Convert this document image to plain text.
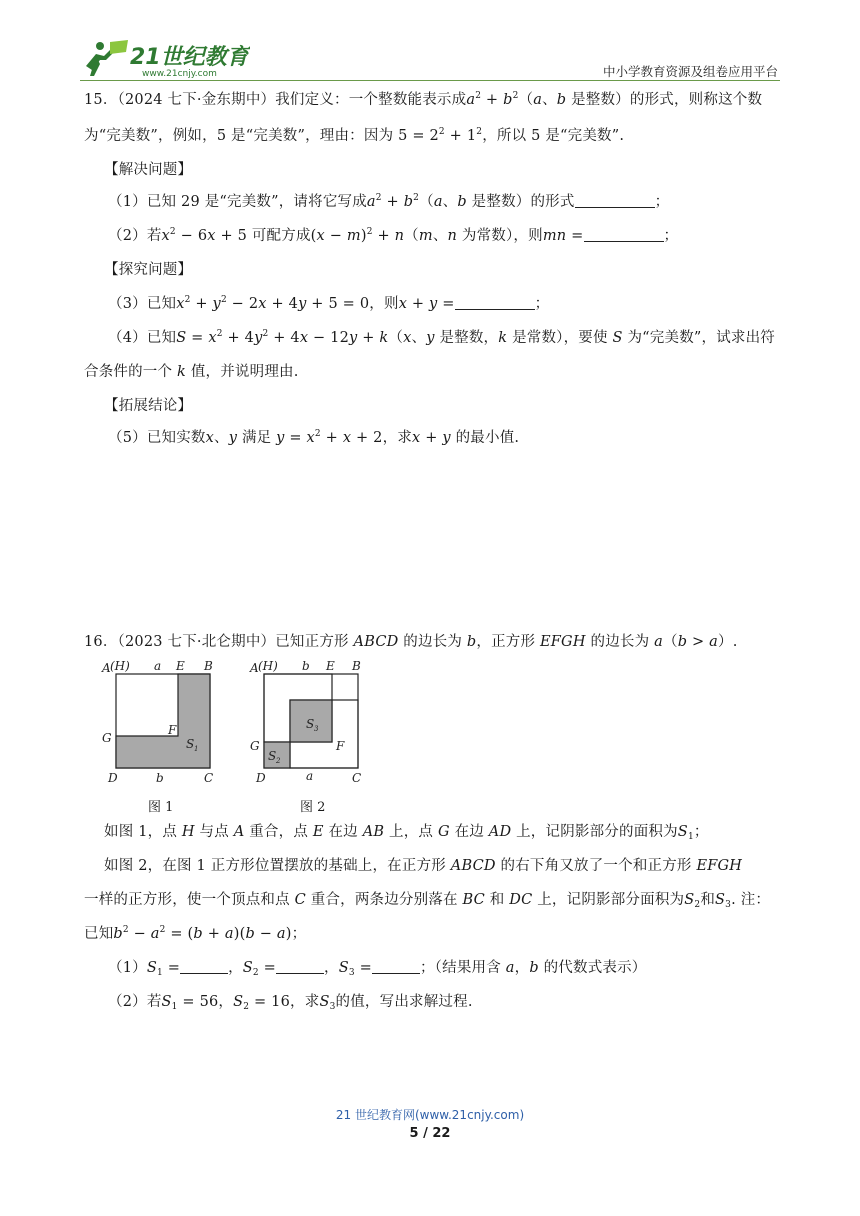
21世纪教育
www.21cnjy.com	中小学教育资源及组卷应用平台
15．（2024 七下·金东期中）我们定义：一个整数能表示成$a^2 + b^2(a$、b 是整数）的形式，则称这个数
为“完美数”，例如，5 是“完美数”，理由：因为 $5 = 2^2 + 1^2$，所以 5 是“完美数”.
【解决问题】
（1）已知 29 是“完美数”，请将它写成$a^2 + b^2(a$、b 是整数）的形式	；
（2）若$x^2 - 6x + 5$ 可配方成$(x - m)^2 + n(m$、n 为常数），则mn =	；
【探究问题】
（3）已知$x^2 + y^2 - 2x + 4y + 5 = 0$，则x + y =	；
（4）已知$S = x^2 + 4y^2 + 4x - 12y + k(x$、y 是整数，k 是常数），要使 S 为“完美数”，试求出符
合条件的一个 k 值，并说明理由.
【拓展结论】
（5）已知实数x、y 满足 $y = x^2 + x + 2$，求x + y 的最小值.
16．（2023 七下·北仑期中）已知正方形 ABCD 的边长为 b，正方形 EFGH 的边长为 a（b > a）.
A (H) a E B
F
G	S 1
D	b	C
图 1
A (H) b E B
S 3
F
G
S 2
D	a	C
图 2
如图 1，点 H 与点 A 重合，点 E 在边 AB 上，点 G 在边 AD 上，记阴影部分的面积为$S_1$；
如图 2，在图 1 正方形位置摆放的基础上，在正方形 ABCD 的右下角又放了一个和正方形 EFGH
一样的正方形，使一个顶点和点 C 重合，两条边分别落在 BC 和 DC 上，记阴影部分面积为$S_2$和$S_3$. 注：
已知$b^2 - a^2 = (b + a)(b - a)$；
$(1)S_1$ =	，$S_2$ =	，$S_3$ =	；（结果用含 a，b 的代数式表示）
（2）若$S_1 = 56$，$S_2 = 16$，求$S_3$的值，写出求解过程.
21 世纪教育网(www.21cnjy.com)
5 / 22
